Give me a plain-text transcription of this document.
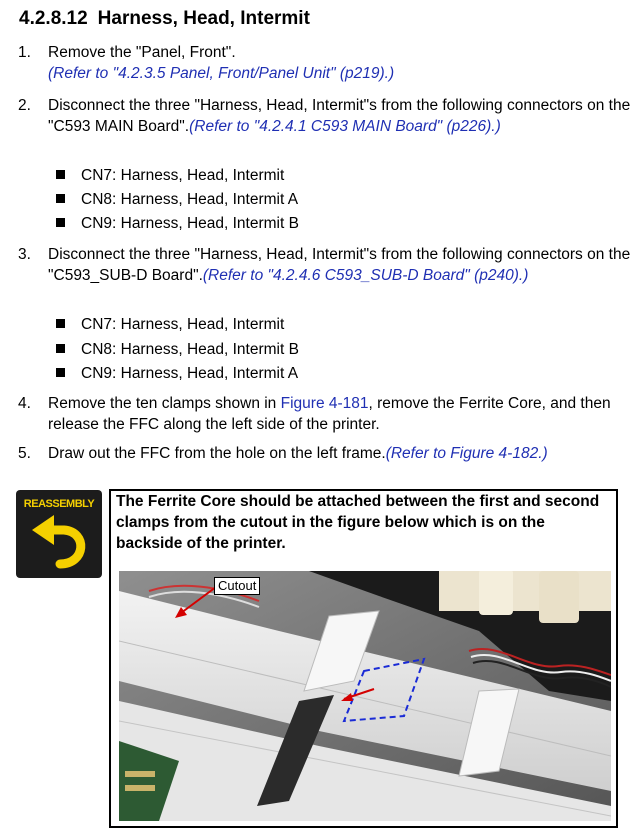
4.2.8.12 Harness, Head, Intermit
1.	Remove the "Panel, Front".
(Refer to "4.2.3.5 Panel, Front/Panel Unit" (p219).)
2.	Disconnect the three "Harness, Head, Intermit"s from the following connectors on the "C593 MAIN Board".(Refer to "4.2.4.1 C593 MAIN Board" (p226).)
CN7: Harness, Head, Intermit
CN8: Harness, Head, Intermit A
CN9: Harness, Head, Intermit B
3.	Disconnect the three "Harness, Head, Intermit"s from the following connectors on the "C593_SUB-D Board".(Refer to "4.2.4.6 C593_SUB-D Board" (p240).)
CN7: Harness, Head, Intermit
CN8: Harness, Head, Intermit B
CN9: Harness, Head, Intermit A
4.	Remove the ten clamps shown in Figure 4-181, remove the Ferrite Core, and then release the FFC along the left side of the printer.
5.	Draw out the FFC from the hole on the left frame.(Refer to Figure 4-182.)
REASSEMBLY	The Ferrite Core should be attached between the first and second clamps from the cutout in the figure below which is on the backside of the printer.
Cutout
